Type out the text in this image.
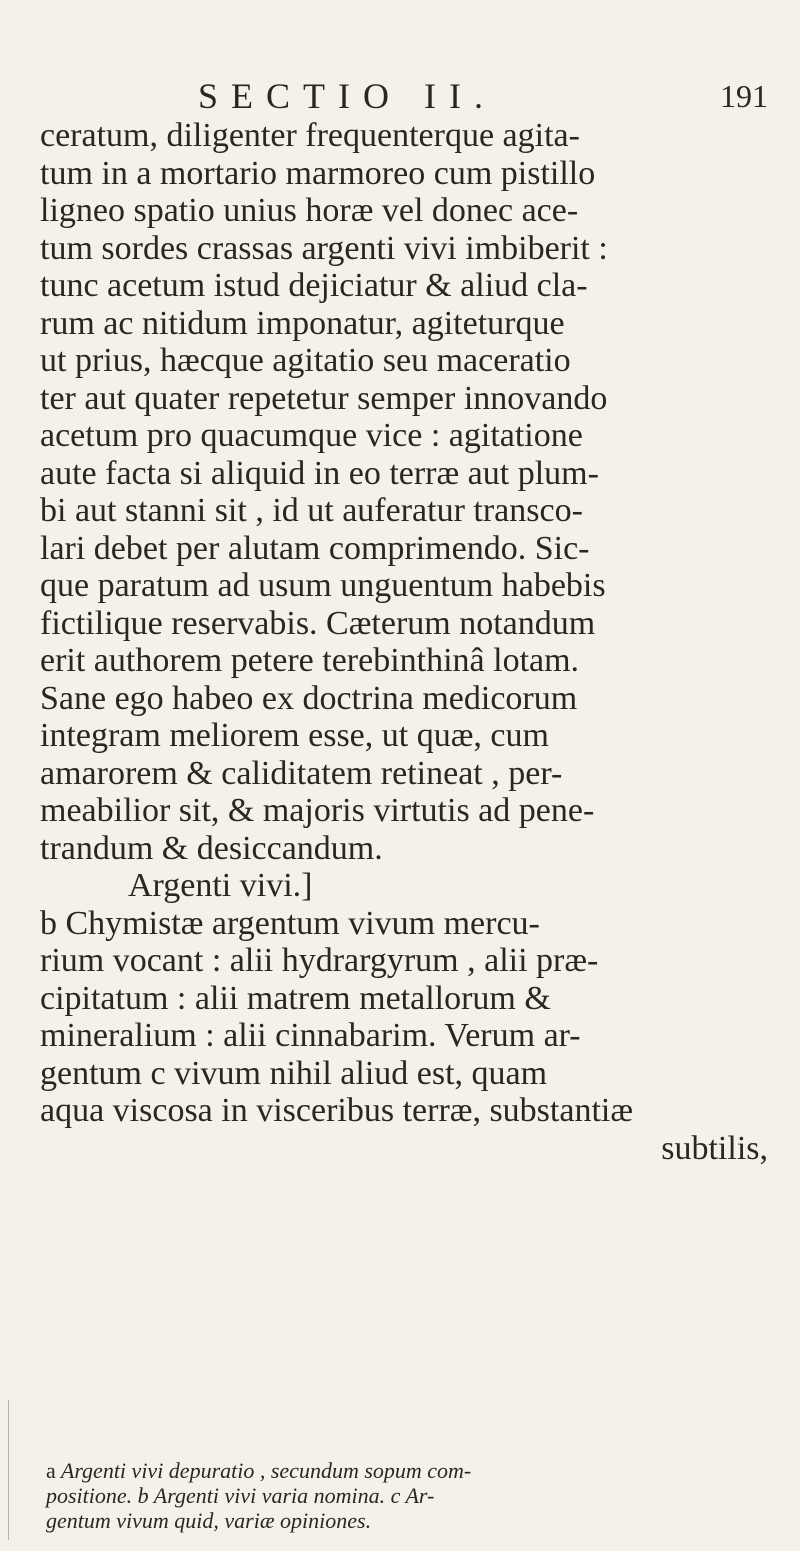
SECTIO II.	191
ceratum, diligenter frequenterque agita-
tum in a mortario marmoreo cum pistillo
ligneo spatio unius horæ vel donec ace-
tum sordes crassas argenti vivi imbiberit :
tunc acetum istud dejiciatur & aliud cla-
rum ac nitidum imponatur, agiteturque
ut prius, hæcque agitatio seu maceratio
ter aut quater repetetur semper innovando
acetum pro quacumque vice : agitatione
aute facta si aliquid in eo terræ aut plum-
bi aut stanni sit , id ut auferatur transco-
lari debet per alutam comprimendo. Sic-
que paratum ad usum unguentum habebis
fictilique reservabis. Cæterum notandum
erit authorem petere terebinthinâ lotam.
Sane ego habeo ex doctrina medicorum
integram meliorem esse, ut quæ, cum
amarorem & caliditatem retineat , per-
meabilior sit, & majoris virtutis ad pene-
trandum & desiccandum.
Argenti vivi.]
b Chymistæ argentum vivum mercu-
rium vocant : alii hydrargyrum , alii præ-
cipitatum : alii matrem metallorum &
mineralium : alii cinnabarim. Verum ar-
gentum c vivum nihil aliud est, quam
aqua viscosa in visceribus terræ, substantiæ
subtilis,
a Argenti vivi depuratio , secundum sopum com-
positione. b Argenti vivi varia nomina. c Ar-
gentum vivum quid, variæ opiniones.
